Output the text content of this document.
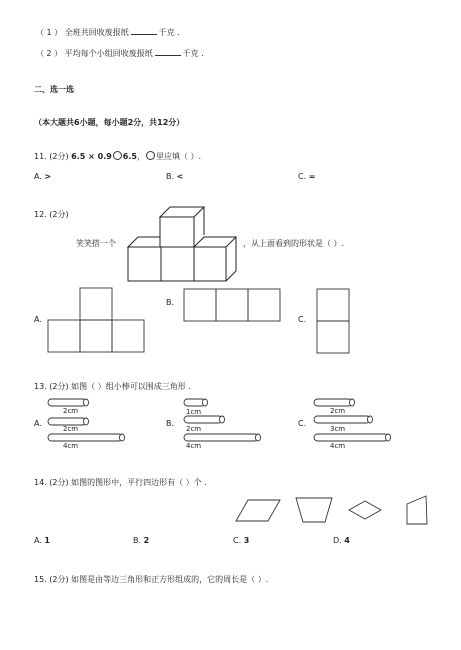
（ 1 ） 全班共回收废报纸	千克 .
（ 2 ） 平均每个小组回收废报纸	千克 .
二、选一选
（本大题共6小题，每小题2分，共12分）
11. (2分) 6.5 × 0.9 6.5， 里应填（ ）.
A. >	B. <	C. =
12. (2分)
笑笑搭一个	，从上面看到的形状是（ ）.
A.
B.
C.
13. (2分) 如图（ ）组小棒可以围成三角形 .
A.
2cm
2cm
4cm
B.
1cm
2cm
4cm
C.
2cm
3cm
4cm
14. (2分) 如图的图形中，平行四边形有（ ）个 .
A. 1	B. 2	C. 3	D. 4
15. (2分) 如图是由等边三角形和正方形组成的，它的周长是（ ）.
